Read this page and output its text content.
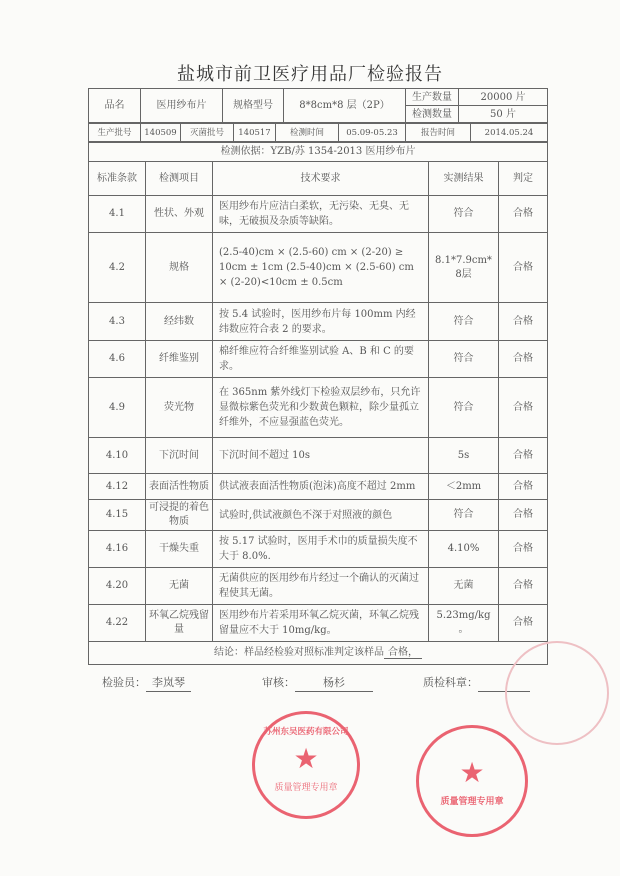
盐城市前卫医疗用品厂检验报告
品名	医用纱布片	规格型号	8*8cm*8 层（2P）	生产数量	20000 片
				检测数量	50 片
生产批号	140509	灭菌批号	140517	检测时间	05.09-05.23	报告时间	2014.05.24
检测依据：YZB/苏 1354-2013 医用纱布片				
标准条款	检测项目	技术要求	实测结果	判定
4.1	性状、外观	医用纱布片应洁白柔软，无污染、无臭、无味，无破损及杂质等缺陷。	符合	合格
4.2	规格	(2.5-40)cm × (2.5-60) cm × (2-20) ≥ 10cm ± 1cm (2.5-40)cm × (2.5-60) cm × (2-20)<10cm ± 0.5cm	8.1*7.9cm*8层	合格
4.3	经纬数	按 5.4 试验时，医用纱布片每 100mm 内经纬数应符合表 2 的要求。	符合	合格
4.6	纤维鉴别	棉纤维应符合纤维鉴别试验 A、B 和 C 的要求。	符合	合格
4.9	荧光物	在 365nm 紫外线灯下检验双层纱布，只允许显微棕紫色荧光和少数黄色颗粒，除少量孤立纤维外，不应显强蓝色荧光。	符合	合格
4.10	下沉时间	下沉时间不超过 10s	5s	合格
4.12	表面活性物质	供试液表面活性物质(泡沫)高度不超过 2mm	＜2mm	合格
4.15	可浸提的着色物质	试验时,供试液颜色不深于对照液的颜色	符合	合格
4.16	干燥失重	按 5.17 试验时，医用手术巾的质量损失度不大于 8.0%.	4.10%	合格
4.20	无菌	无菌供应的医用纱布片经过一个确认的灭菌过程使其无菌。	无菌	合格
4.22	环氧乙烷残留量	医用纱布片若采用环氧乙烷灭菌，环氧乙烷残留量应不大于 10mg/kg。	5.23mg/kg。	合格
结论：样品经检验对照标准判定该样品 合格，				
检验员： 李岚琴	审核：	杨杉	质检科章：
苏州东吴医药有限公司
★
质量管理专用章	★
质量管理专用章
